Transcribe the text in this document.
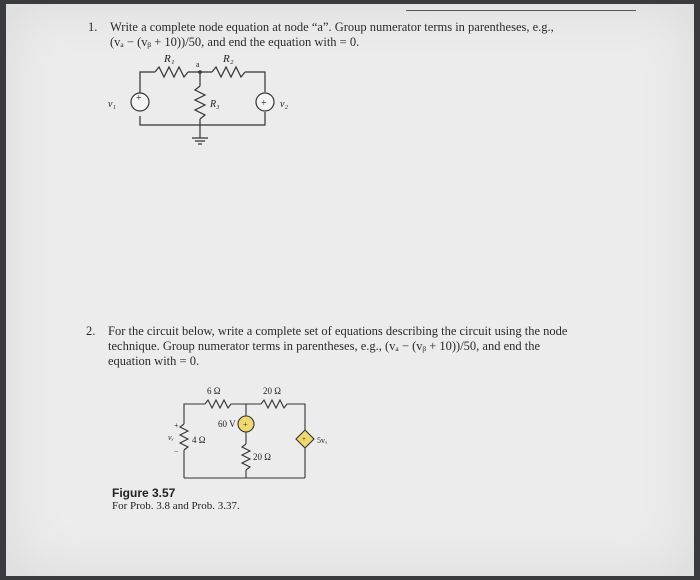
1. Write a complete node equation at node “a”. Group numerator terms in parentheses, e.g.,
(vₐ − (vᵦ + 10))/50, and end the equation with = 0.
R₁	R₂
a
R₃
v₁	v₂
+	+
2. For the circuit below, write a complete set of equations describing the circuit using the node
technique. Group numerator terms in parentheses, e.g., (vₐ − (vᵦ + 10))/50, and end the
equation with = 0.
6 Ω	20 Ω
4 Ω
20 Ω
60 V
vₓ
+
−
5vₓ
+
+
Figure 3.57
For Prob. 3.8 and Prob. 3.37.
